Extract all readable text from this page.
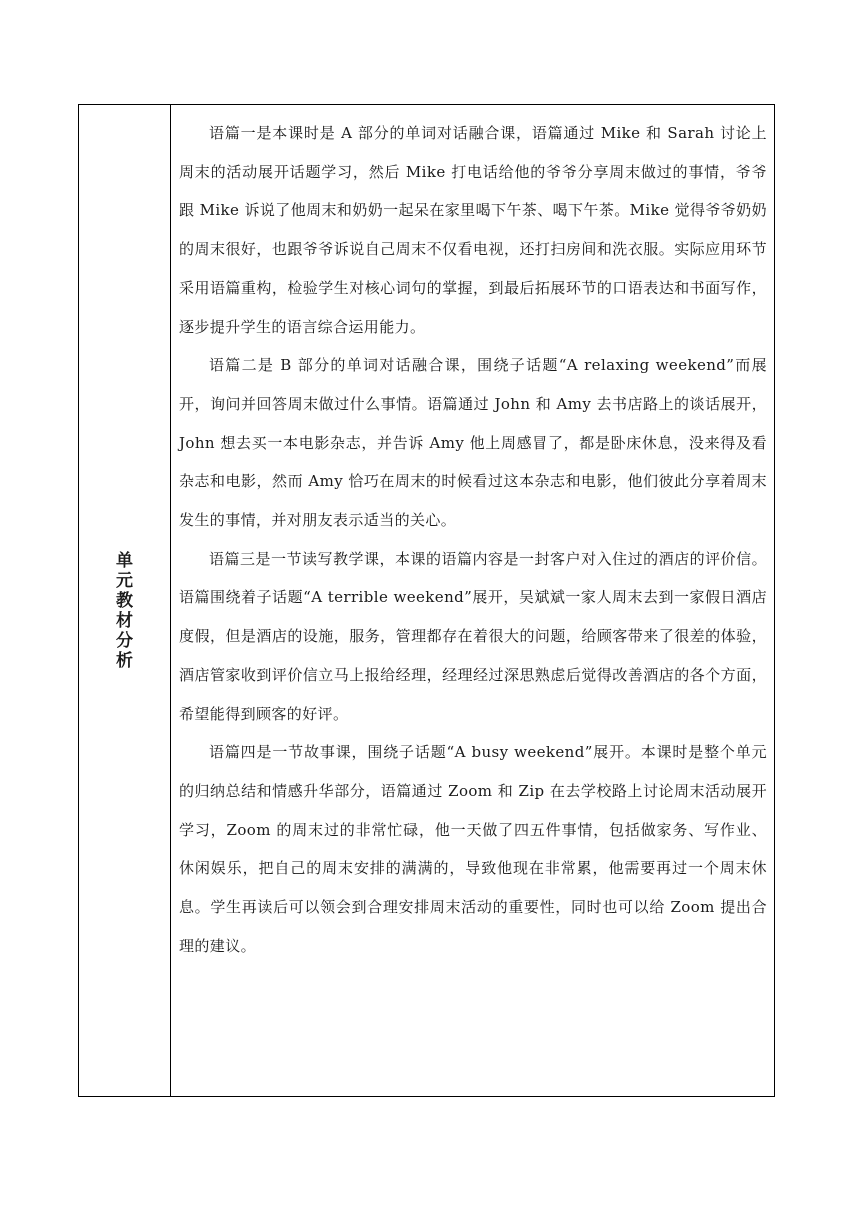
单元教材分析

语篇一是本课时是 A 部分的单词对话融合课，语篇通过 Mike 和 Sarah 讨论上周末的活动展开话题学习，然后 Mike 打电话给他的爷爷分享周末做过的事情，爷爷跟 Mike 诉说了他周末和奶奶一起呆在家里喝下午茶、喝下午茶。Mike 觉得爷爷奶奶的周末很好，也跟爷爷诉说自己周末不仅看电视，还打扫房间和洗衣服。实际应用环节采用语篇重构，检验学生对核心词句的掌握，到最后拓展环节的口语表达和书面写作，逐步提升学生的语言综合运用能力。

语篇二是 B 部分的单词对话融合课，围绕子话题“A relaxing weekend”而展开，询问并回答周末做过什么事情。语篇通过 John 和 Amy 去书店路上的谈话展开，John 想去买一本电影杂志，并告诉 Amy 他上周感冒了，都是卧床休息，没来得及看杂志和电影，然而 Amy 恰巧在周末的时候看过这本杂志和电影，他们彼此分享着周末发生的事情，并对朋友表示适当的关心。

语篇三是一节读写教学课，本课的语篇内容是一封客户对入住过的酒店的评价信。语篇围绕着子话题“A terrible weekend”展开，吴斌斌一家人周末去到一家假日酒店度假，但是酒店的设施，服务，管理都存在着很大的问题，给顾客带来了很差的体验，酒店管家收到评价信立马上报给经理，经理经过深思熟虑后觉得改善酒店的各个方面，希望能得到顾客的好评。

语篇四是一节故事课，围绕子话题“A busy weekend”展开。本课时是整个单元的归纳总结和情感升华部分，语篇通过 Zoom 和 Zip 在去学校路上讨论周末活动展开学习，Zoom 的周末过的非常忙碌，他一天做了四五件事情，包括做家务、写作业、休闲娱乐，把自己的周末安排的满满的，导致他现在非常累，他需要再过一个周末休息。学生再读后可以领会到合理安排周末活动的重要性，同时也可以给 Zoom 提出合理的建议。
